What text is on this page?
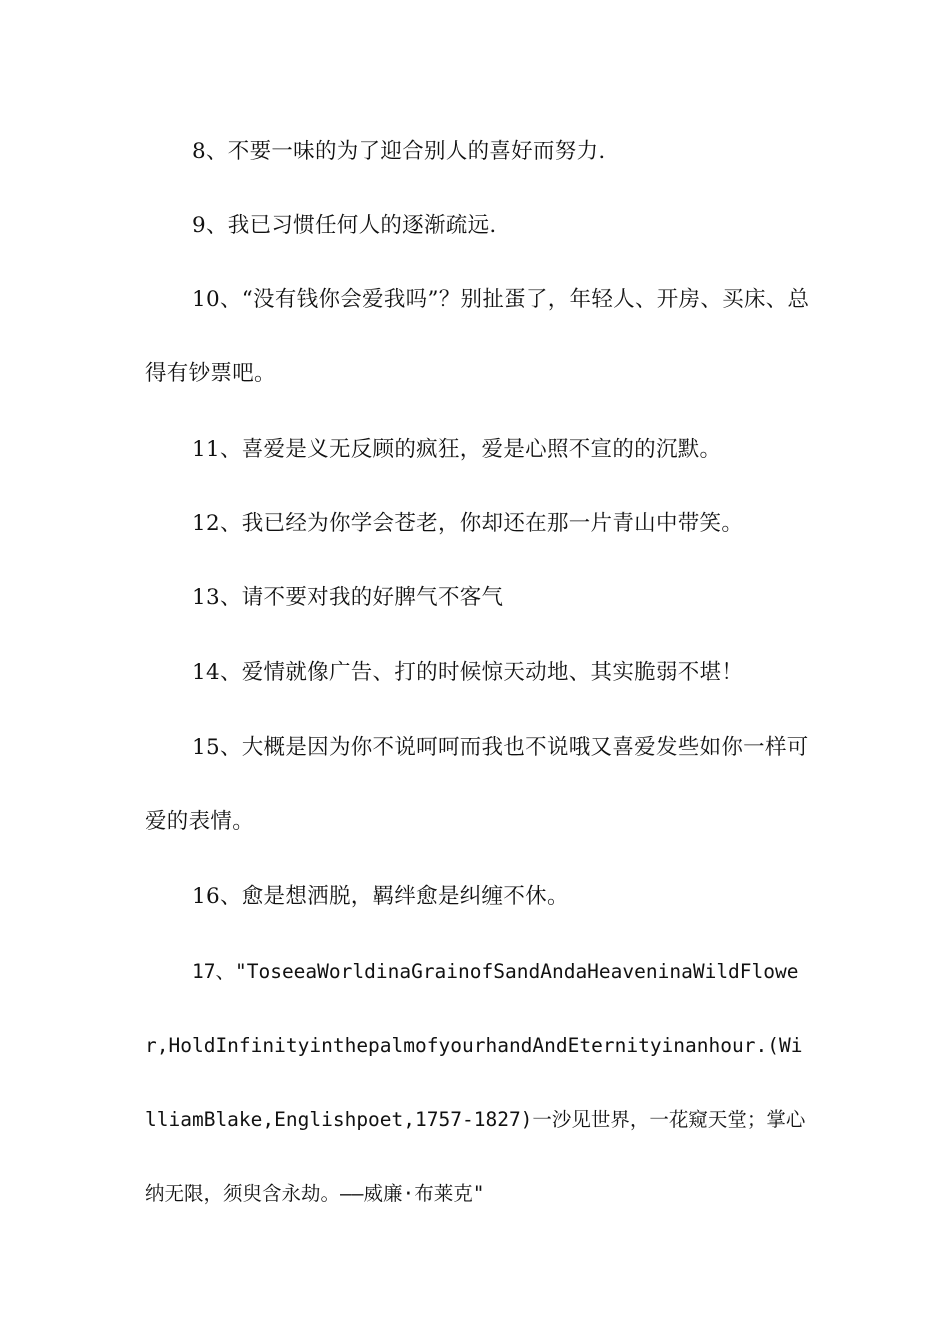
8、不要一味的为了迎合别人的喜好而努力.

9、我已习惯任何人的逐渐疏远.

10、“没有钱你会爱我吗”？别扯蛋了，年轻人、开房、买床、总得有钞票吧。

11、喜爱是义无反顾的疯狂，爱是心照不宣的的沉默。

12、我已经为你学会苍老，你却还在那一片青山中带笑。

13、请不要对我的好脾气不客气

14、爱情就像广告、打的时候惊天动地、其实脆弱不堪！

15、大概是因为你不说呵呵而我也不说哦又喜爱发些如你一样可爱的表情。

16、愈是想洒脱，羁绊愈是纠缠不休。

17、"ToseeaWorldinaGrainofSandAndaHeaveninaWildFlower,HoldInfinityinthepalmofyourhandAndEternityinanhour.(WilliamBlake,Englishpoet,1757-1827)一沙见世界，一花窥天堂；掌心纳无限，须臾含永劫。——威廉·布莱克"
